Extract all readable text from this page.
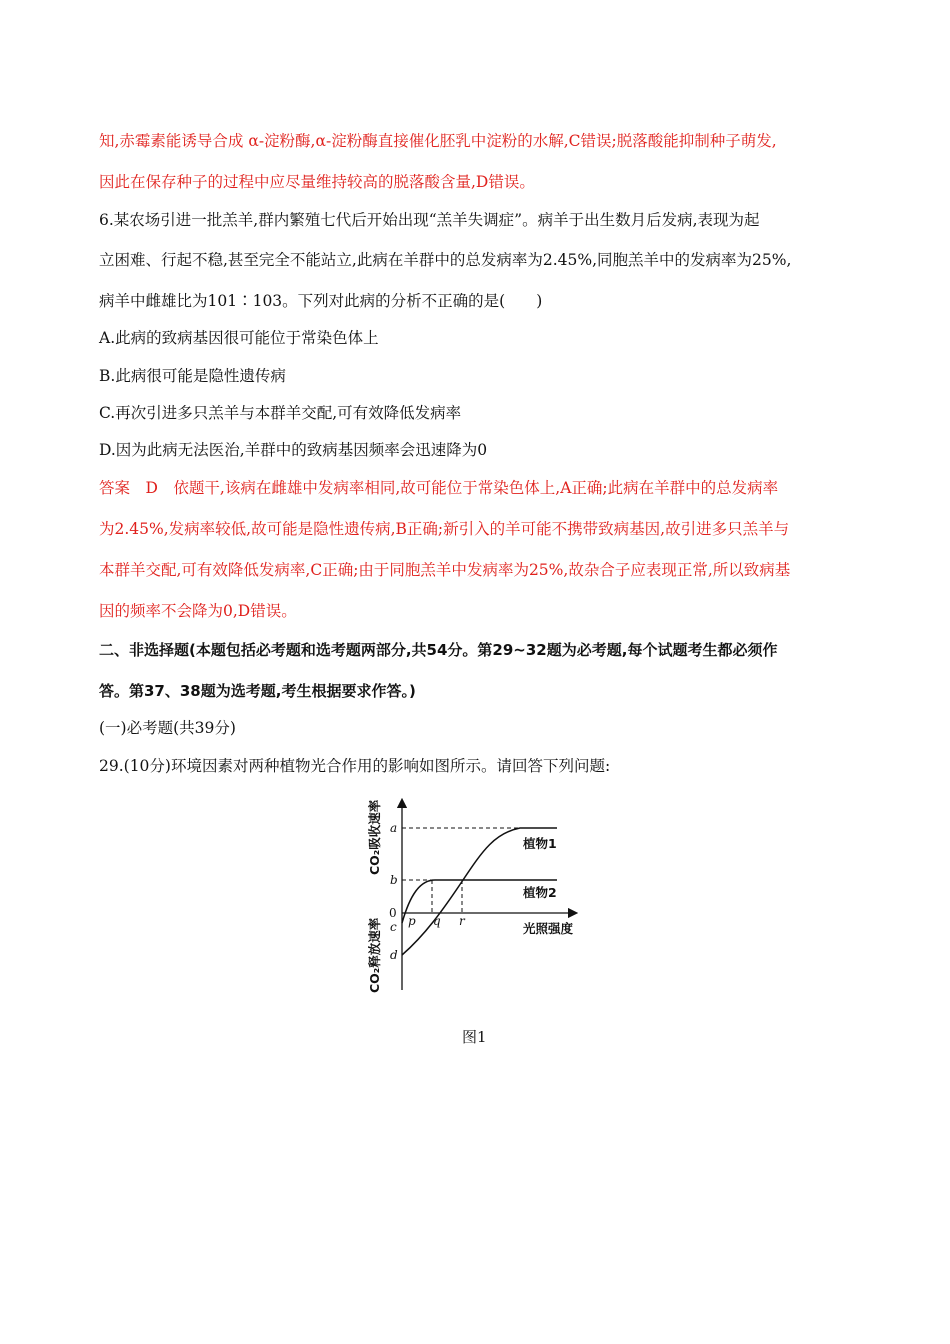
知,赤霉素能诱导合成 α-淀粉酶,α-淀粉酶直接催化胚乳中淀粉的水解,C错误;脱落酸能抑制种子萌发,
因此在保存种子的过程中应尽量维持较高的脱落酸含量,D错误。
6.某农场引进一批羔羊,群内繁殖七代后开始出现“羔羊失调症”。病羊于出生数月后发病,表现为起
立困难、行起不稳,甚至完全不能站立,此病在羊群中的总发病率为2.45%,同胞羔羊中的发病率为25%,
病羊中雌雄比为101∶103。下列对此病的分析不正确的是(　　)
A.此病的致病基因很可能位于常染色体上
B.此病很可能是隐性遗传病
C.再次引进多只羔羊与本群羊交配,可有效降低发病率
D.因为此病无法医治,羊群中的致病基因频率会迅速降为0
答案　D　依题干,该病在雌雄中发病率相同,故可能位于常染色体上,A正确;此病在羊群中的总发病率
为2.45%,发病率较低,故可能是隐性遗传病,B正确;新引入的羊可能不携带致病基因,故引进多只羔羊与
本群羊交配,可有效降低发病率,C正确;由于同胞羔羊中发病率为25%,故杂合子应表现正常,所以致病基
因的频率不会降为0,D错误。
二、非选择题(本题包括必考题和选考题两部分,共54分。第29~32题为必考题,每个试题考生都必须作
答。第37、38题为选考题,考生根据要求作答。)
(一)必考题(共39分)
29.(10分)环境因素对两种植物光合作用的影响如图所示。请回答下列问题:
CO₂吸收速率
CO₂释放速率	光照强度
0
a
b
c
d
p q r
植物1
植物2
图1
